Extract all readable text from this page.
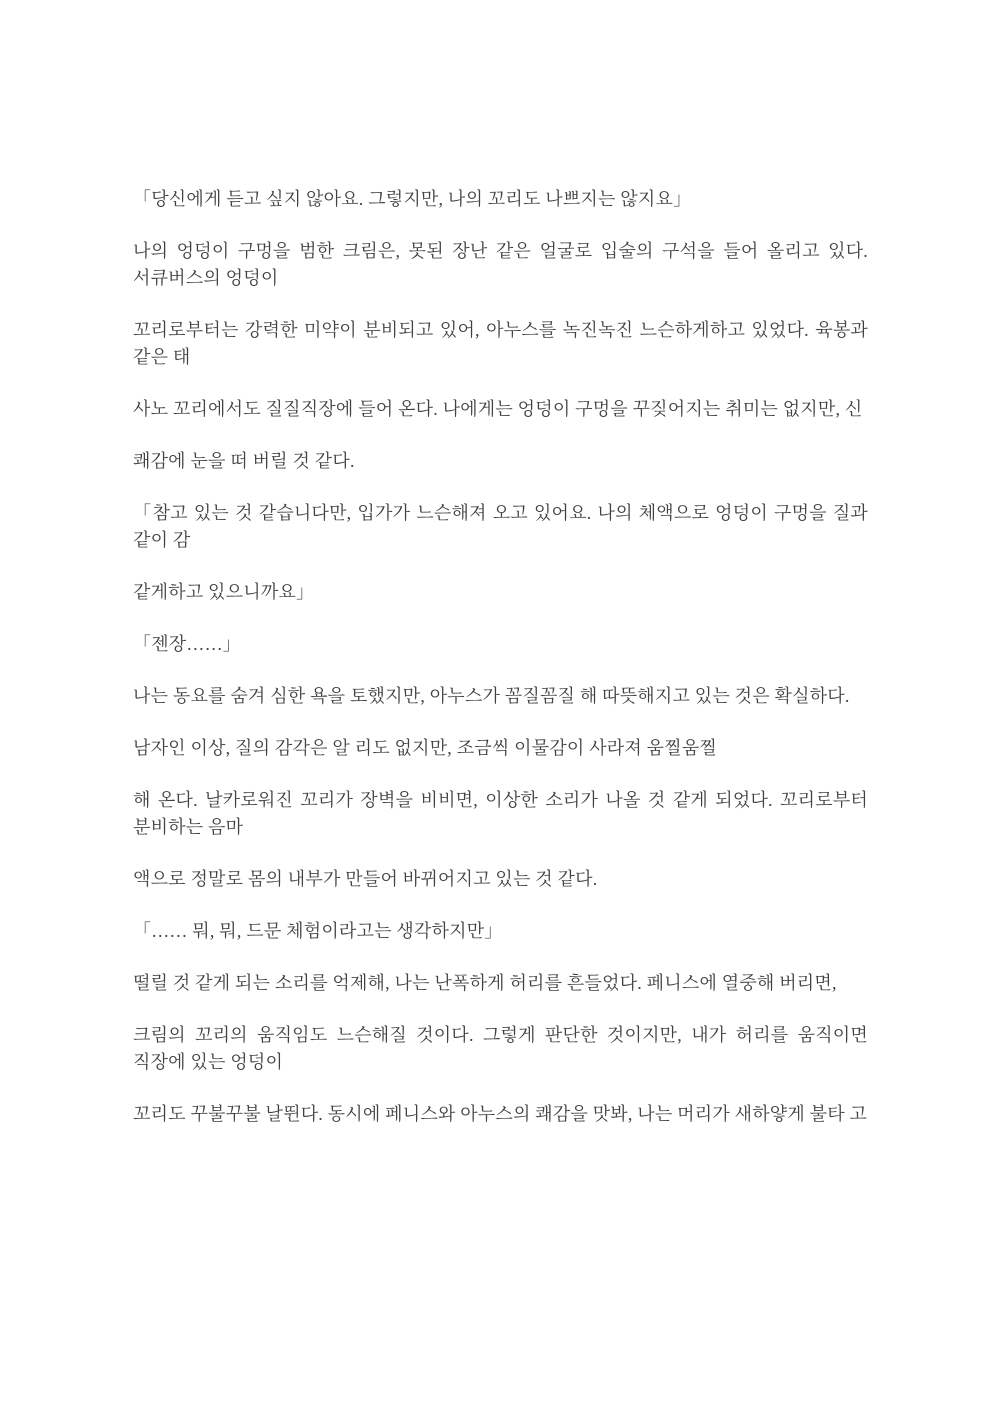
「당신에게 듣고 싶지 않아요. 그렇지만, 나의 꼬리도 나쁘지는 않지요」

나의 엉덩이 구멍을 범한 크림은, 못된 장난 같은 얼굴로 입술의 구석을 들어 올리고 있다. 서큐버스의 엉덩이

꼬리로부터는 강력한 미약이 분비되고 있어, 아누스를 녹진녹진 느슨하게하고 있었다. 육봉과 같은 태

사노 꼬리에서도 질질직장에 들어 온다. 나에게는 엉덩이 구멍을 꾸짖어지는 취미는 없지만, 신

쾌감에 눈을 떠 버릴 것 같다.

「참고 있는 것 같습니다만, 입가가 느슨해져 오고 있어요. 나의 체액으로 엉덩이 구멍을 질과 같이 감

같게하고 있으니까요」

「젠장……」

나는 동요를 숨겨 심한 욕을 토했지만, 아누스가 꼼질꼼질 해 따뜻해지고 있는 것은 확실하다.

남자인 이상, 질의 감각은 알 리도 없지만, 조금씩 이물감이 사라져 움찔움찔

해 온다. 날카로워진 꼬리가 장벽을 비비면, 이상한 소리가 나올 것 같게 되었다. 꼬리로부터 분비하는 음마

액으로 정말로 몸의 내부가 만들어 바뀌어지고 있는 것 같다.

「…… 뭐, 뭐, 드문 체험이라고는 생각하지만」

떨릴 것 같게 되는 소리를 억제해, 나는 난폭하게 허리를 흔들었다. 페니스에 열중해 버리면,

크림의 꼬리의 움직임도 느슨해질 것이다. 그렇게 판단한 것이지만, 내가 허리를 움직이면 직장에 있는 엉덩이

꼬리도 꾸불꾸불 날뛴다. 동시에 페니스와 아누스의 쾌감을 맛봐, 나는 머리가 새하얗게 불타 고
